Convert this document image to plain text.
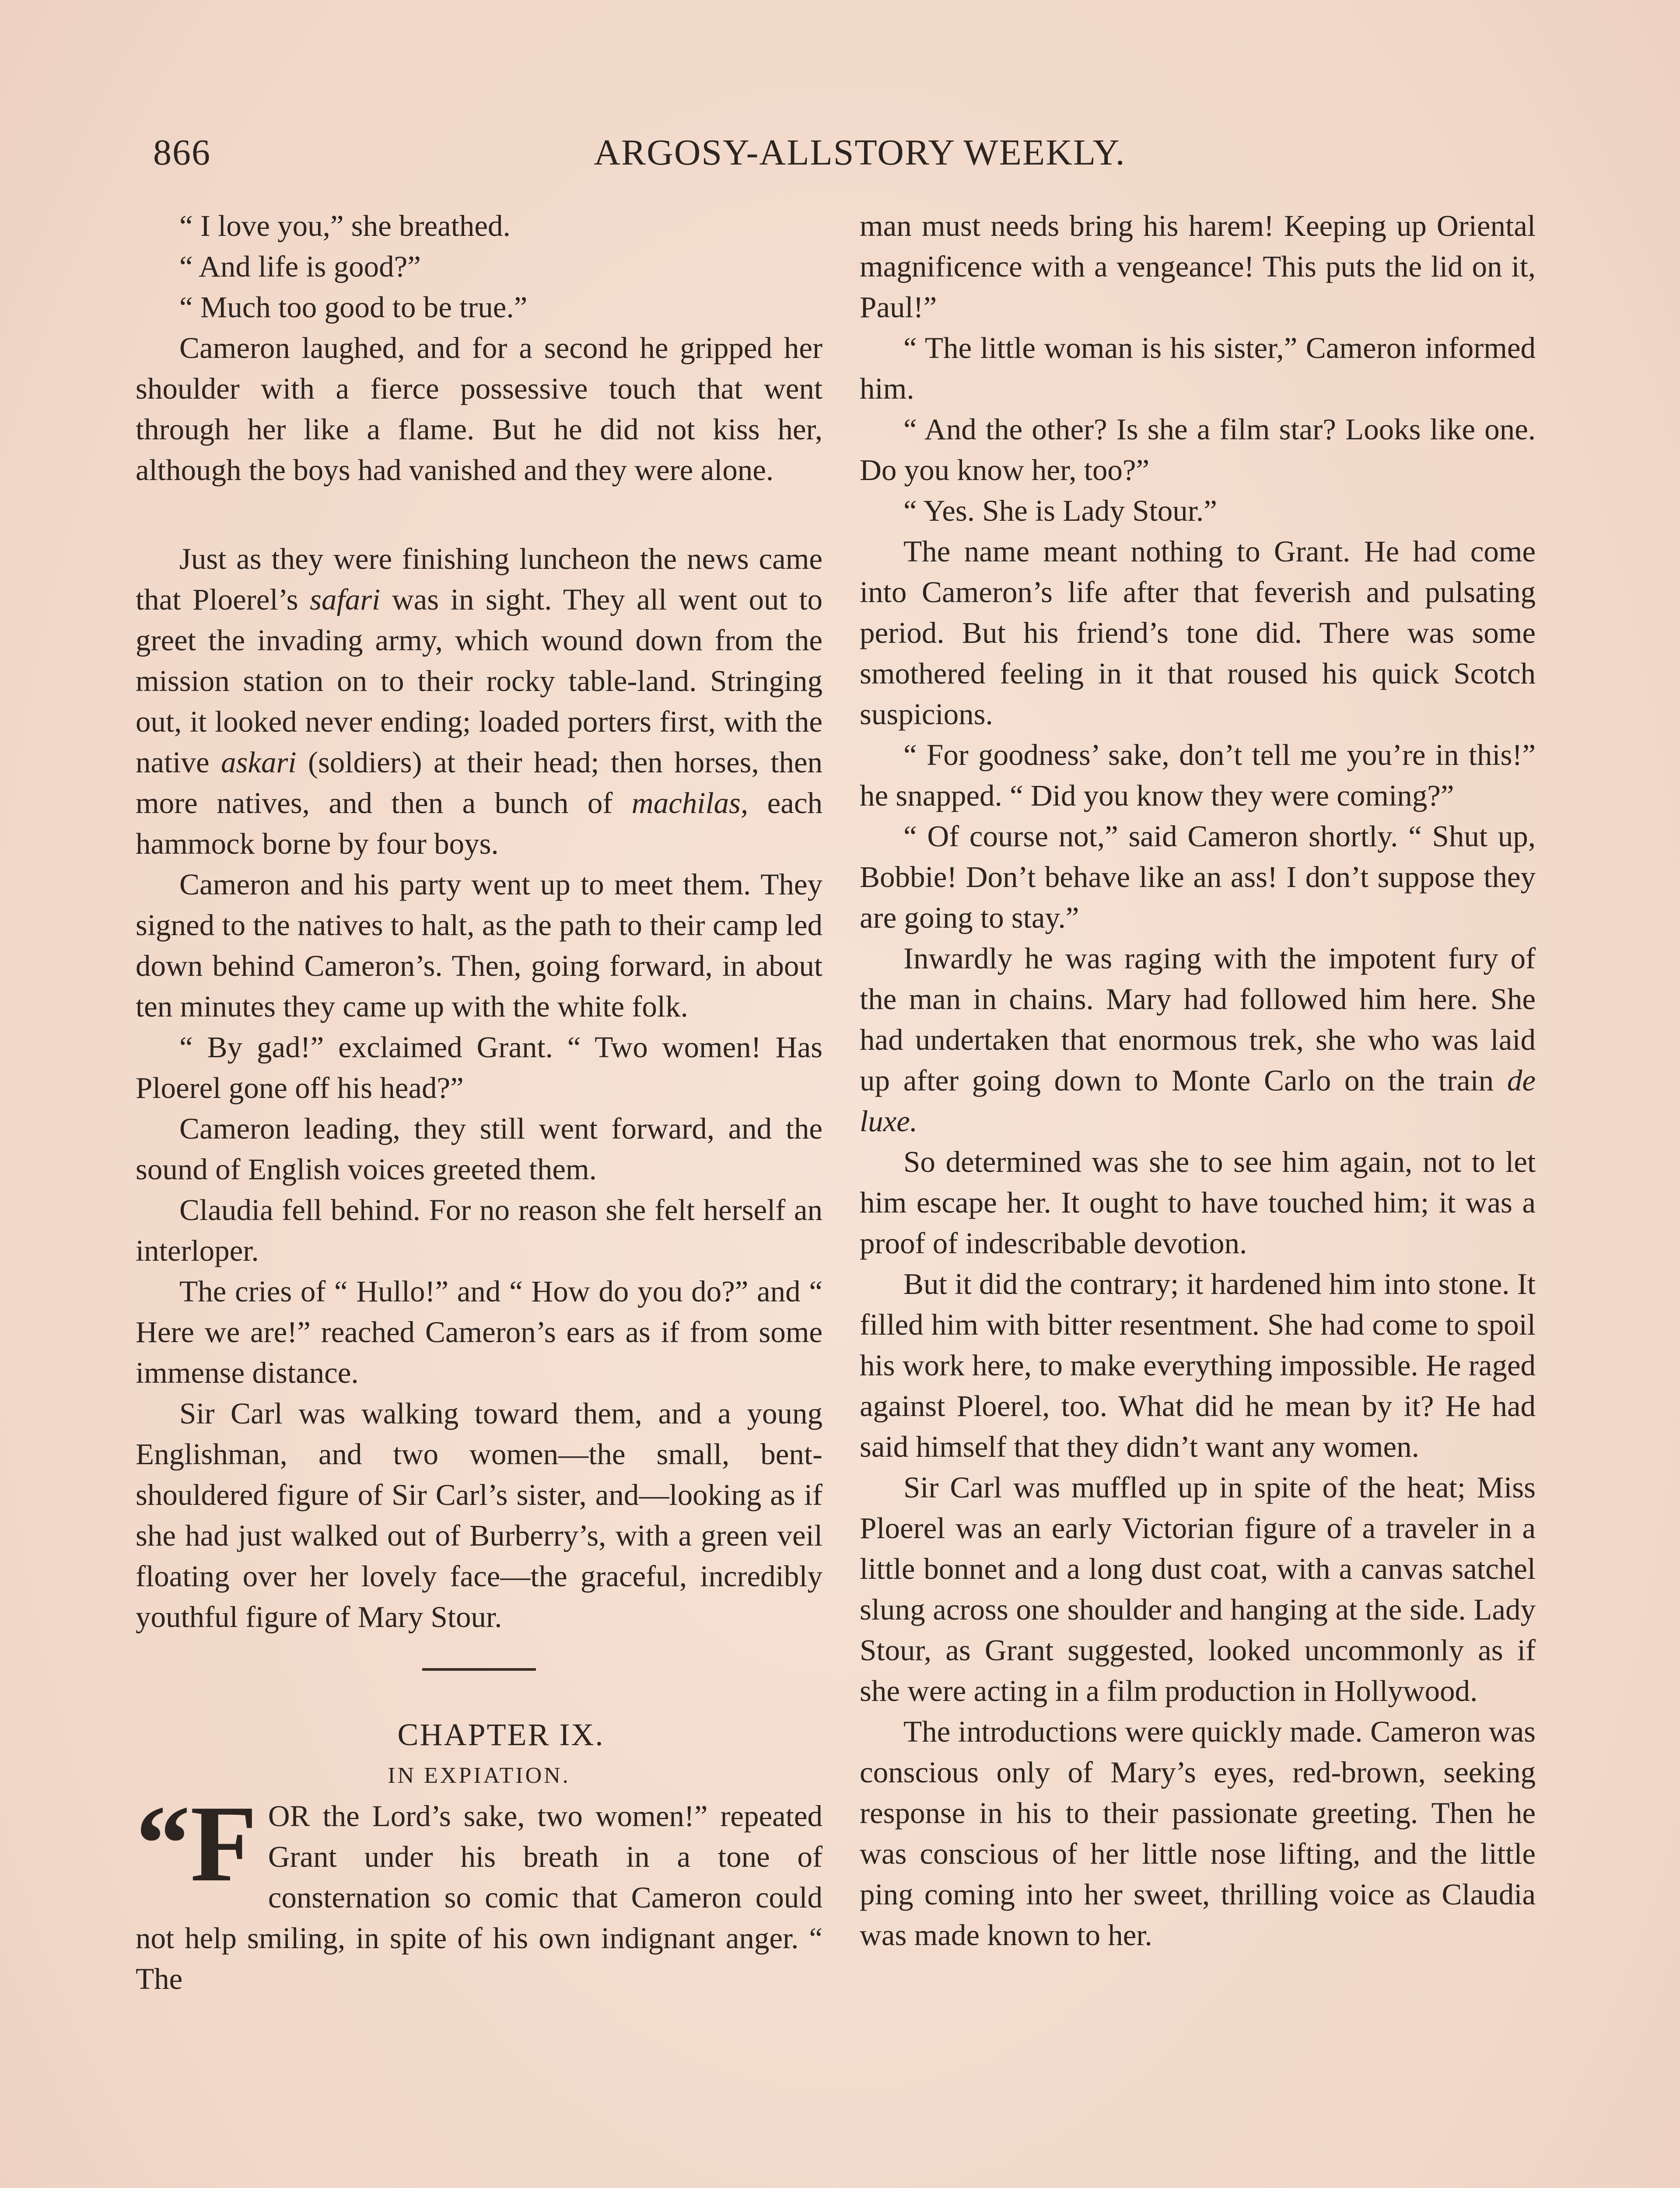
866	ARGOSY-ALLSTORY WEEKLY.

“ I love you,” she breathed.

“ And life is good?”

“ Much too good to be true.”

Cameron laughed, and for a second he gripped her shoulder with a fierce possessive touch that went through her like a flame. But he did not kiss her, although the boys had vanished and they were alone.

Just as they were finishing luncheon the news came that Ploerel’s safari was in sight. They all went out to greet the invading army, which wound down from the mission station on to their rocky table-land. Stringing out, it looked never ending; loaded porters first, with the native askari (soldiers) at their head; then horses, then more natives, and then a bunch of machilas, each hammock borne by four boys.

Cameron and his party went up to meet them. They signed to the natives to halt, as the path to their camp led down behind Cameron’s. Then, going forward, in about ten minutes they came up with the white folk.

“ By gad!” exclaimed Grant. “ Two women! Has Ploerel gone off his head?”

Cameron leading, they still went forward, and the sound of English voices greeted them.

Claudia fell behind. For no reason she felt herself an interloper.

The cries of “ Hullo!” and “ How do you do?” and “ Here we are!” reached Cameron’s ears as if from some immense distance.

Sir Carl was walking toward them, and a young Englishman, and two women—the small, bent-shouldered figure of Sir Carl’s sister, and—looking as if she had just walked out of Burberry’s, with a green veil floating over her lovely face—the graceful, incredibly youthful figure of Mary Stour.

CHAPTER IX.

IN EXPIATION.

“F OR the Lord’s sake, two women!” repeated Grant under his breath in a tone of consternation so comic that Cameron could not help smiling, in spite of his own indignant anger. “ The

man must needs bring his harem! Keeping up Oriental magnificence with a vengeance! This puts the lid on it, Paul!”

“ The little woman is his sister,” Cameron informed him.

“ And the other? Is she a film star? Looks like one. Do you know her, too?”

“ Yes. She is Lady Stour.”

The name meant nothing to Grant. He had come into Cameron’s life after that feverish and pulsating period. But his friend’s tone did. There was some smothered feeling in it that roused his quick Scotch suspicions.

“ For goodness’ sake, don’t tell me you’re in this!” he snapped. “ Did you know they were coming?”

“ Of course not,” said Cameron shortly. “ Shut up, Bobbie! Don’t behave like an ass! I don’t suppose they are going to stay.”

Inwardly he was raging with the impotent fury of the man in chains. Mary had followed him here. She had undertaken that enormous trek, she who was laid up after going down to Monte Carlo on the train de luxe.

So determined was she to see him again, not to let him escape her. It ought to have touched him; it was a proof of indescribable devotion.

But it did the contrary; it hardened him into stone. It filled him with bitter resentment. She had come to spoil his work here, to make everything impossible. He raged against Ploerel, too. What did he mean by it? He had said himself that they didn’t want any women.

Sir Carl was muffled up in spite of the heat; Miss Ploerel was an early Victorian figure of a traveler in a little bonnet and a long dust coat, with a canvas satchel slung across one shoulder and hanging at the side. Lady Stour, as Grant suggested, looked uncommonly as if she were acting in a film production in Hollywood.

The introductions were quickly made. Cameron was conscious only of Mary’s eyes, red-brown, seeking response in his to their passionate greeting. Then he was conscious of her little nose lifting, and the little ping coming into her sweet, thrilling voice as Claudia was made known to her.
